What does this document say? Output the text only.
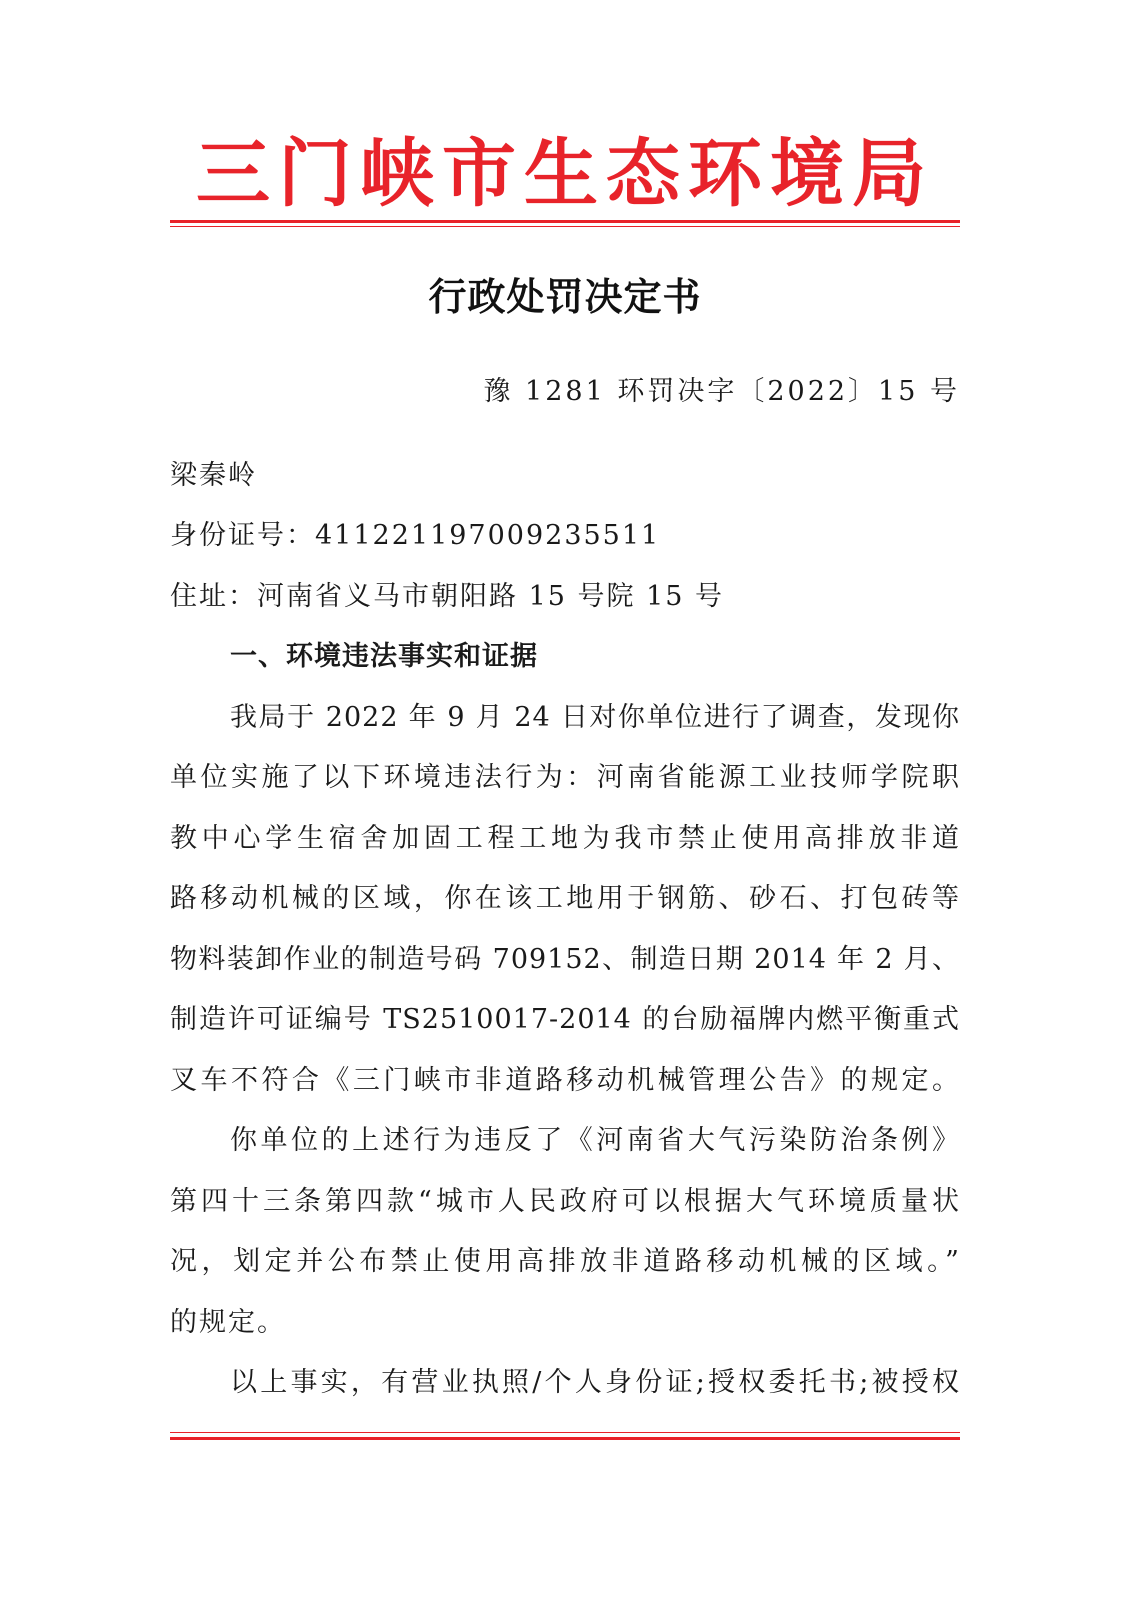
三门峡市生态环境局
行政处罚决定书
豫 1281 环罚决字〔2022〕15 号
梁秦岭
身份证号：411221197009235511
住址：河南省义马市朝阳路 15 号院 15 号
一、环境违法事实和证据
我局于 2022 年 9 月 24 日对你单位进行了调查，发现你
单位实施了以下环境违法行为：河南省能源工业技师学院职
教中心学生宿舍加固工程工地为我市禁止使用高排放非道
路移动机械的区域，你在该工地用于钢筋、砂石、打包砖等
物料装卸作业的制造号码 709152、制造日期 2014 年 2 月、
制造许可证编号 TS2510017-2014 的台励福牌内燃平衡重式
叉车不符合《三门峡市非道路移动机械管理公告》的规定。
你单位的上述行为违反了《河南省大气污染防治条例》
第四十三条第四款“城市人民政府可以根据大气环境质量状
况，划定并公布禁止使用高排放非道路移动机械的区域。”
的规定。
以上事实，有营业执照/个人身份证;授权委托书;被授权
